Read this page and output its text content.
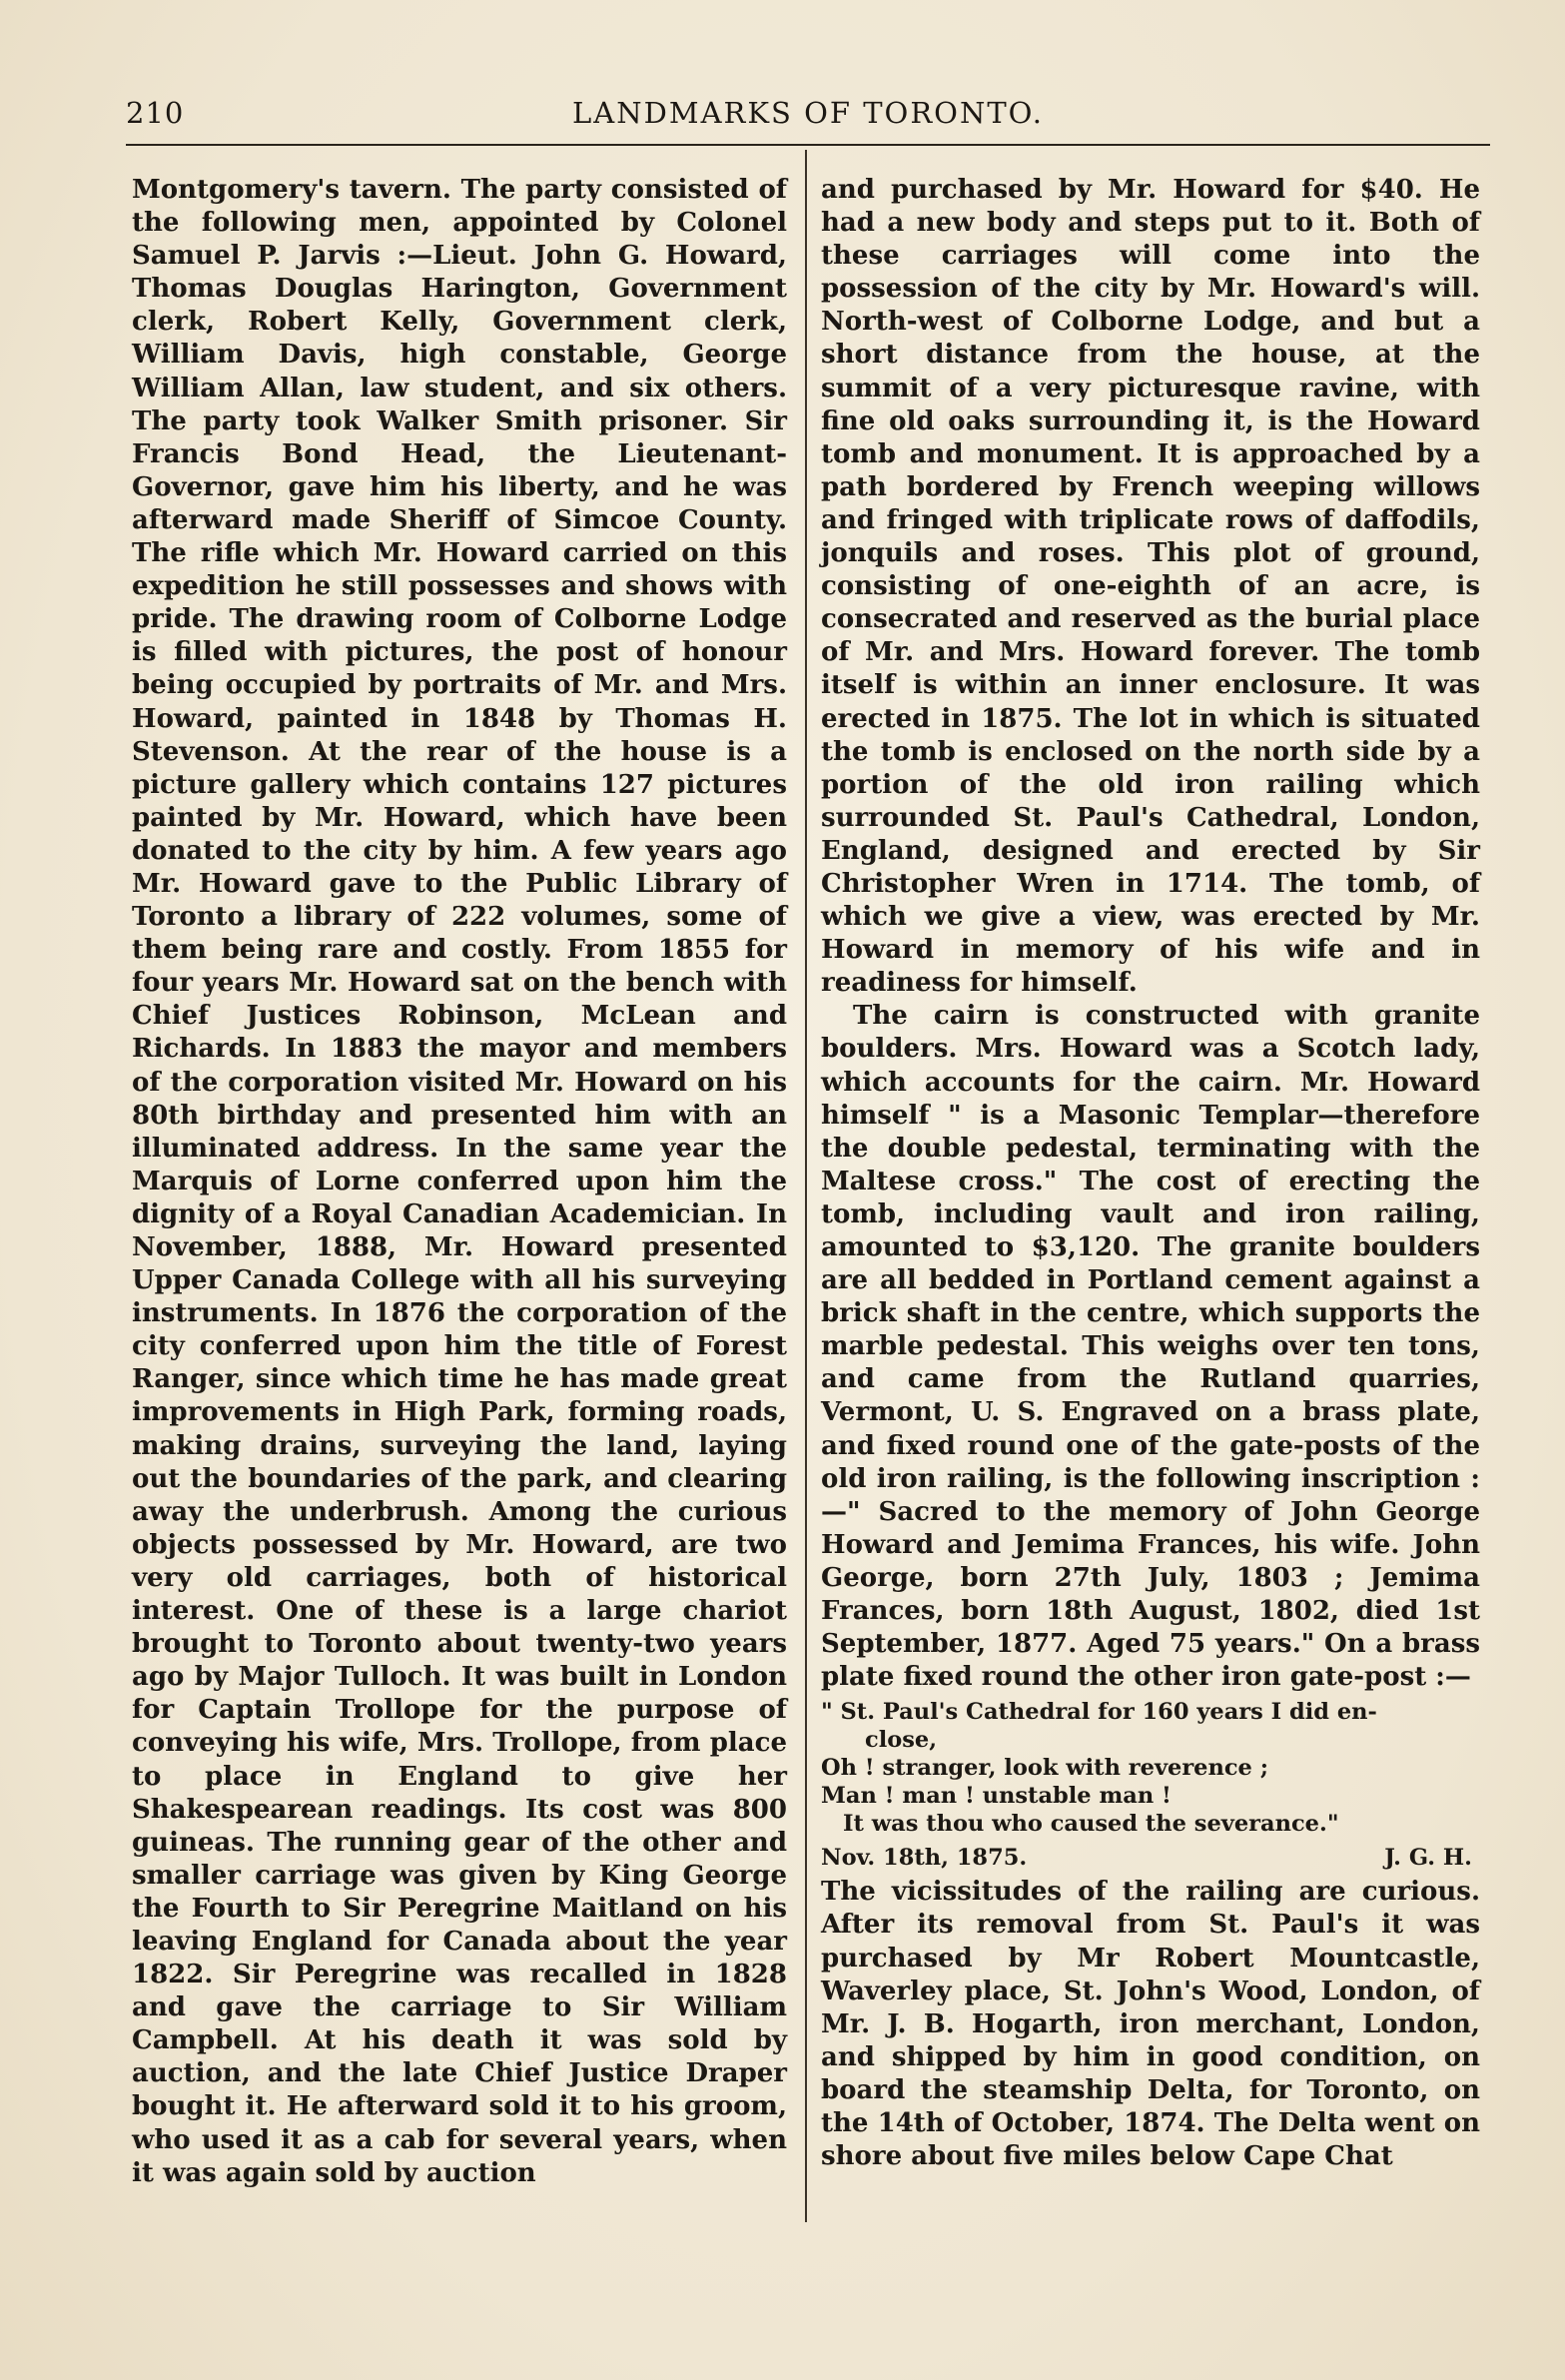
210	LANDMARKS OF TORONTO.

Montgomery's tavern. The party consisted of the following men, appointed by Colonel Samuel P. Jarvis :—Lieut. John G. Howard, Thomas Douglas Harington, Government clerk, Robert Kelly, Government clerk, William Davis, high constable, George William Allan, law student, and six others. The party took Walker Smith prisoner. Sir Francis Bond Head, the Lieutenant-Governor, gave him his liberty, and he was afterward made Sheriff of Simcoe County. The rifle which Mr. Howard carried on this expedition he still possesses and shows with pride. The drawing room of Colborne Lodge is filled with pictures, the post of honour being occupied by portraits of Mr. and Mrs. Howard, painted in 1848 by Thomas H. Stevenson. At the rear of the house is a picture gallery which contains 127 pictures painted by Mr. Howard, which have been donated to the city by him. A few years ago Mr. Howard gave to the Public Library of Toronto a library of 222 volumes, some of them being rare and costly. From 1855 for four years Mr. Howard sat on the bench with Chief Justices Robinson, McLean and Richards. In 1883 the mayor and members of the corporation visited Mr. Howard on his 80th birthday and presented him with an illuminated address. In the same year the Marquis of Lorne conferred upon him the dignity of a Royal Canadian Academician. In November, 1888, Mr. Howard presented Upper Canada College with all his surveying instruments. In 1876 the corporation of the city conferred upon him the title of Forest Ranger, since which time he has made great improvements in High Park, forming roads, making drains, surveying the land, laying out the boundaries of the park, and clearing away the underbrush. Among the curious objects possessed by Mr. Howard, are two very old carriages, both of historical interest. One of these is a large chariot brought to Toronto about twenty-two years ago by Major Tulloch. It was built in London for Captain Trollope for the purpose of conveying his wife, Mrs. Trollope, from place to place in England to give her Shakespearean readings. Its cost was 800 guineas. The running gear of the other and smaller carriage was given by King George the Fourth to Sir Peregrine Maitland on his leaving England for Canada about the year 1822. Sir Peregrine was recalled in 1828 and gave the carriage to Sir William Campbell. At his death it was sold by auction, and the late Chief Justice Draper bought it. He afterward sold it to his groom, who used it as a cab for several years, when it was again sold by auction

and purchased by Mr. Howard for $40. He had a new body and steps put to it. Both of these carriages will come into the possession of the city by Mr. Howard's will. North-west of Colborne Lodge, and but a short distance from the house, at the summit of a very picturesque ravine, with fine old oaks surrounding it, is the Howard tomb and monument. It is approached by a path bordered by French weeping willows and fringed with triplicate rows of daffodils, jonquils and roses. This plot of ground, consisting of one-eighth of an acre, is consecrated and reserved as the burial place of Mr. and Mrs. Howard forever. The tomb itself is within an inner enclosure. It was erected in 1875. The lot in which is situated the tomb is enclosed on the north side by a portion of the old iron railing which surrounded St. Paul's Cathedral, London, England, designed and erected by Sir Christopher Wren in 1714. The tomb, of which we give a view, was erected by Mr. Howard in memory of his wife and in readiness for himself.

The cairn is constructed with granite boulders. Mrs. Howard was a Scotch lady, which accounts for the cairn. Mr. Howard himself " is a Masonic Templar—therefore the double pedestal, terminating with the Maltese cross." The cost of erecting the tomb, including vault and iron railing, amounted to $3,120. The granite boulders are all bedded in Portland cement against a brick shaft in the centre, which supports the marble pedestal. This weighs over ten tons, and came from the Rutland quarries, Vermont, U. S. Engraved on a brass plate, and fixed round one of the gate-posts of the old iron railing, is the following inscription :—" Sacred to the memory of John George Howard and Jemima Frances, his wife. John George, born 27th July, 1803 ; Jemima Frances, born 18th August, 1802, died 1st September, 1877. Aged 75 years." On a brass plate fixed round the other iron gate-post :—

" St. Paul's Cathedral for 160 years I did en-
close,
Oh ! stranger, look with reverence ;
Man ! man ! unstable man !
It was thou who caused the severance."
Nov. 18th, 1875.	J. G. H.

The vicissitudes of the railing are curious. After its removal from St. Paul's it was purchased by Mr Robert Mountcastle, Waverley place, St. John's Wood, London, of Mr. J. B. Hogarth, iron merchant, London, and shipped by him in good condition, on board the steamship Delta, for Toronto, on the 14th of October, 1874. The Delta went on shore about five miles below Cape Chat
